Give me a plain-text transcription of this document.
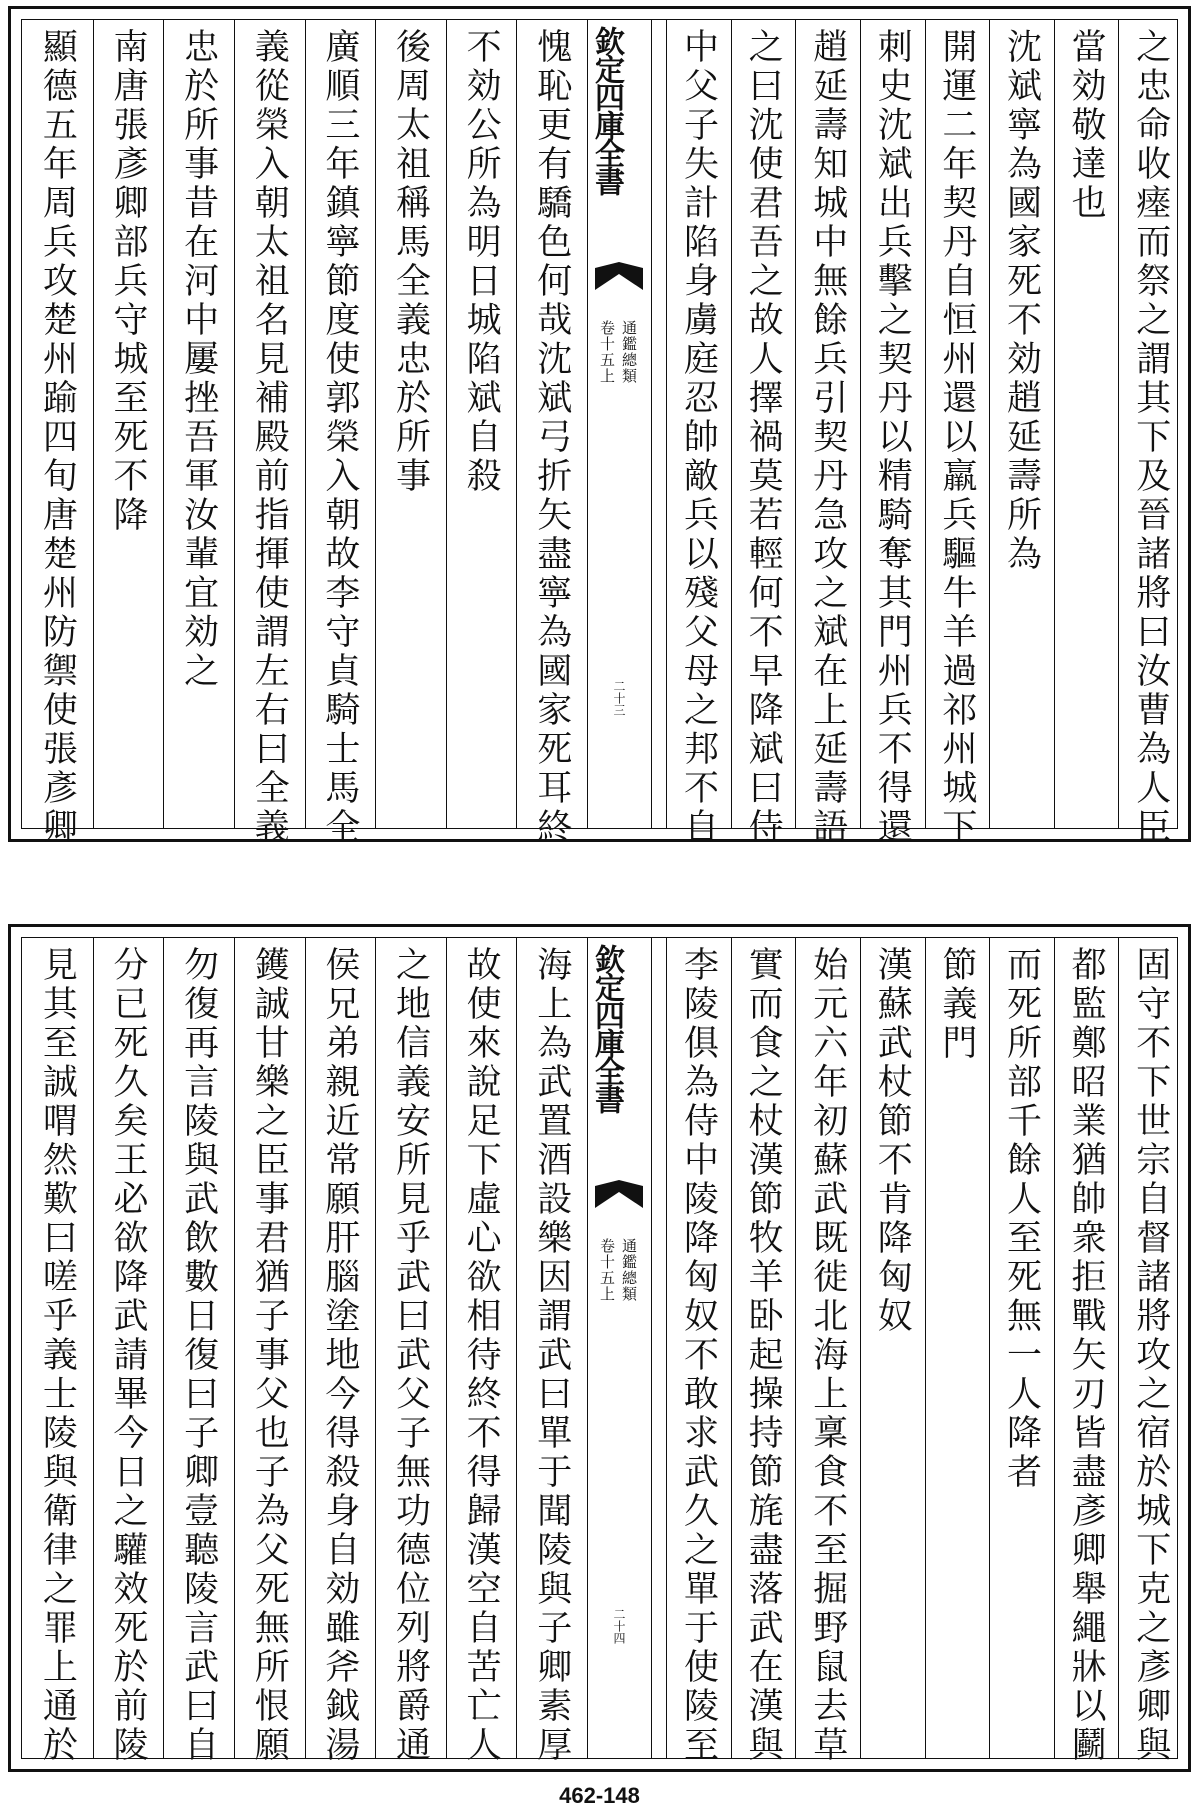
之忠命收瘗而祭之謂其下及晉諸將曰汝曹為人臣
當効敬達也
沈斌寧為國家死不効趙延壽所為
開運二年契丹自恒州還以羸兵驅牛羊過祁州城下
刺史沈斌出兵擊之契丹以精騎奪其門州兵不得還
趙延壽知城中無餘兵引契丹急攻之斌在上延壽語
之曰沈使君吾之故人擇禍莫若輕何不早降斌曰侍
中父子失計陷身虜庭忍帥敵兵以殘父母之邦不自
愧恥更有驕色何哉沈斌弓折矢盡寧為國家死耳終
不効公所為明日城陷斌自殺
後周太祖稱馬全義忠於所事
廣順三年鎮寧節度使郭榮入朝故李守貞騎士馬全
義從榮入朝太祖名見補殿前指揮使謂左右曰全義
忠於所事昔在河中屢挫吾軍汝輩宜効之
南唐張彥卿部兵守城至死不降
顯德五年周兵攻楚州踰四旬唐楚州防禦使張彥卿	欽定四庫全書
通鑑總類
卷十五上
二十三
固守不下世宗自督諸將攻之宿於城下克之彥卿與
都監鄭昭業猶帥衆拒戰矢刃皆盡彥卿舉繩牀以鬬
而死所部千餘人至死無一人降者
節義門
漢蘇武杖節不肯降匈奴
始元六年初蘇武既徙北海上稟食不至掘野鼠去草
實而食之杖漢節牧羊卧起操持節旄盡落武在漢與
李陵俱為侍中陵降匈奴不敢求武久之單于使陵至
海上為武置酒設樂因謂武曰單于聞陵與子卿素厚
故使來說足下虛心欲相待終不得歸漢空自苦亡人
之地信義安所見乎武曰武父子無功德位列將爵通
侯兄弟親近常願肝腦塗地今得殺身自効雖斧鉞湯
鑊誠甘樂之臣事君猶子事父也子為父死無所恨願
勿復再言陵與武飲數日復曰子卿壹聽陵言武曰自
分已死久矣王必欲降武請畢今日之驩效死於前陵
見其至誠喟然歎曰嗟乎義士陵與衛律之罪上通於	欽定四庫全書
通鑑總類
卷十五上
二十四
462-148
